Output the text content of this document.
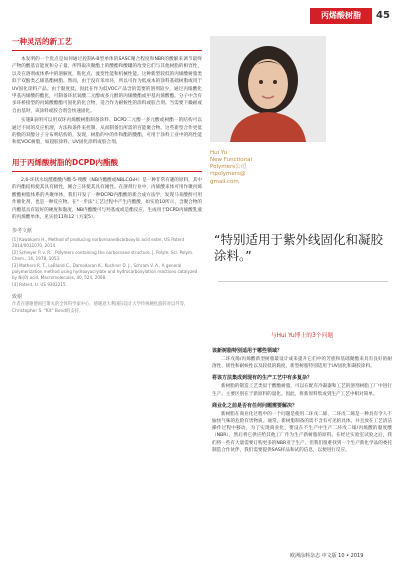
丙烯酸树脂	45
一种灵活的新工艺

本发明的一个优点是如何通过控制A-B型单体的SASC聚合程度和NBR的酸解来调节最终产物的酸基官能度和分子量。所得取决聚酯上的酸酯和酸罐的改变它们与其他树脂的相容性，以及在溶剂或体系中的溶解度，粘化点、流变性能和机械性能。这种新型较低的丙烯酸树脂类似于双酚类乙烯基酯树脂。然而，由于没有苯单环，所以可作为低成本的涂料基础树脂或用于UV固化涂料产品。由于黏度低，因此在作为低VOC产品含的需要的溶剂较少，通过丙烯酸化甲基丙烯酸的酯化，可制备环状氧酸二元醇或多元醇的丙烯酸酯或甲基丙烯酸酯。分子中含有多环桥接型的丙烯酸酯酯可固化的化合物，适合作为耐候性的涂料或胶合剂。当需要下燥耐或自由基时，该涂料或胶合剂会快速固化。

实施B表明可以用双环丙烯酸树脂制备涂料、DCPD二元醇一多元酸或树酯一的结构可以通过不同的反应机理，方法和条件来控制，从而制备出所需的宫能聚合物。这些新型合作更低的数的双醇分子分布则结构的，发现，树脂的中的作和酯的酸酯，可用于涂料工业中的高性能和低VOC树脂，如超胶涂料、UV固化涂料或胶合剂。

用于丙烯酸树脂的DCPD内酯酸

2,6-环状水烷醛酯酸内酯-5-羧酸（NB内酯酸或NBLCO₂H）是一种非常有趣的原料，其中的内酯结构使其具有极性，刚合三环使其具有刚性。在溶剂行业中，丙烯酸来体可用作聚丙烯酸酯树脂体系的共聚单体，我们开发了一种DCPD内酯酸的新合成方法学，发现马来酸酐可用作催化剂，也是一种反应物。在"一步法"工艺过程中产生内酯酸，如实验10所示，含聚合物的内酯基具有较好的硬度和黏度，NB内酯酸可与羟基或或是酯反应，生成用于DCPD丙烯酸乳液的丙烯酸单体，见实验11和12（方案5）。

参考文献
[1] Kawakami H., Method of producing norbornanedicarboxylic acid ester, US Patent 2014/0031070, 2014.
[2] Schleyer P. v. R. , Polymers containing the norbornane structure, J. Polym. Sci. Polym. Chem., 16, 1978, 1053.
[3] Mathers R. T., LeBlond C., Damodaran K., Kushner D. J., Schram V. A., A general polymerization method using hydroxyacrylate and hydrocarboxylation reactions catalyzed by Ni(0) acid, Macromolecules, 40, 524, 2008.
[4] Patent, U. US 9302215.
致谢
作者在感谢德国巴斯夫的全体科学家中心，感谢意大利国际设计大学传统硬化旋转对以外等，Christopher S. "Kit" Bond的支持。
Hui Yu
New Functional
Polymers公司
rtpolymers@
gmail.com
“特别适用于紫外线固化和凝胶涂料。”
与Hui Yu博士的3个问题
该新树脂特别适用于哪些领域？

二环戊烯/丙烯酸新型树脂最设计成来提升它们中的芳族和基础聚酯来具有良好的耐溶性、韧性和耐候性以及较低的黏度，新型树脂特别适用于UV固化和凝胶涂料。

将该方法集成到现有的生产工艺中有多复杂？

新树脂的制造工艺类似于酸酯树脂，可以在配有冷凝器和工艺的溶剂树脂工厂中进行生产。主要区别在于新原料的量化。因此，将新原料集成到生产工艺中相对简单。

商业化之前是否有任何问题需要解决？

新树脂在商业化过程中的一个问题是使用二环戊二烯、二环戊二烯是一种具有令人不愉快气味的危险有害物质。通常，新树脂制备的需不含有可见的具体，并且放在工艺清洁操作过程中移动，为了实现商业化，要设在不生产中生产二环戊二烯/丙烯酸的黏度酸（NBR），然后将它供应给其他工厂作为生产新树脂的原料。在经过实验室试验之后，我们将一些有大量需要订购更多的NBR亚于生产，但我们很难找到一个生产新化学品的委托制造合作伙伴，我们需要提供SAS样品和试的信息，以便进行反应。

欧洲涂料杂志 中文版 10 • 2019
